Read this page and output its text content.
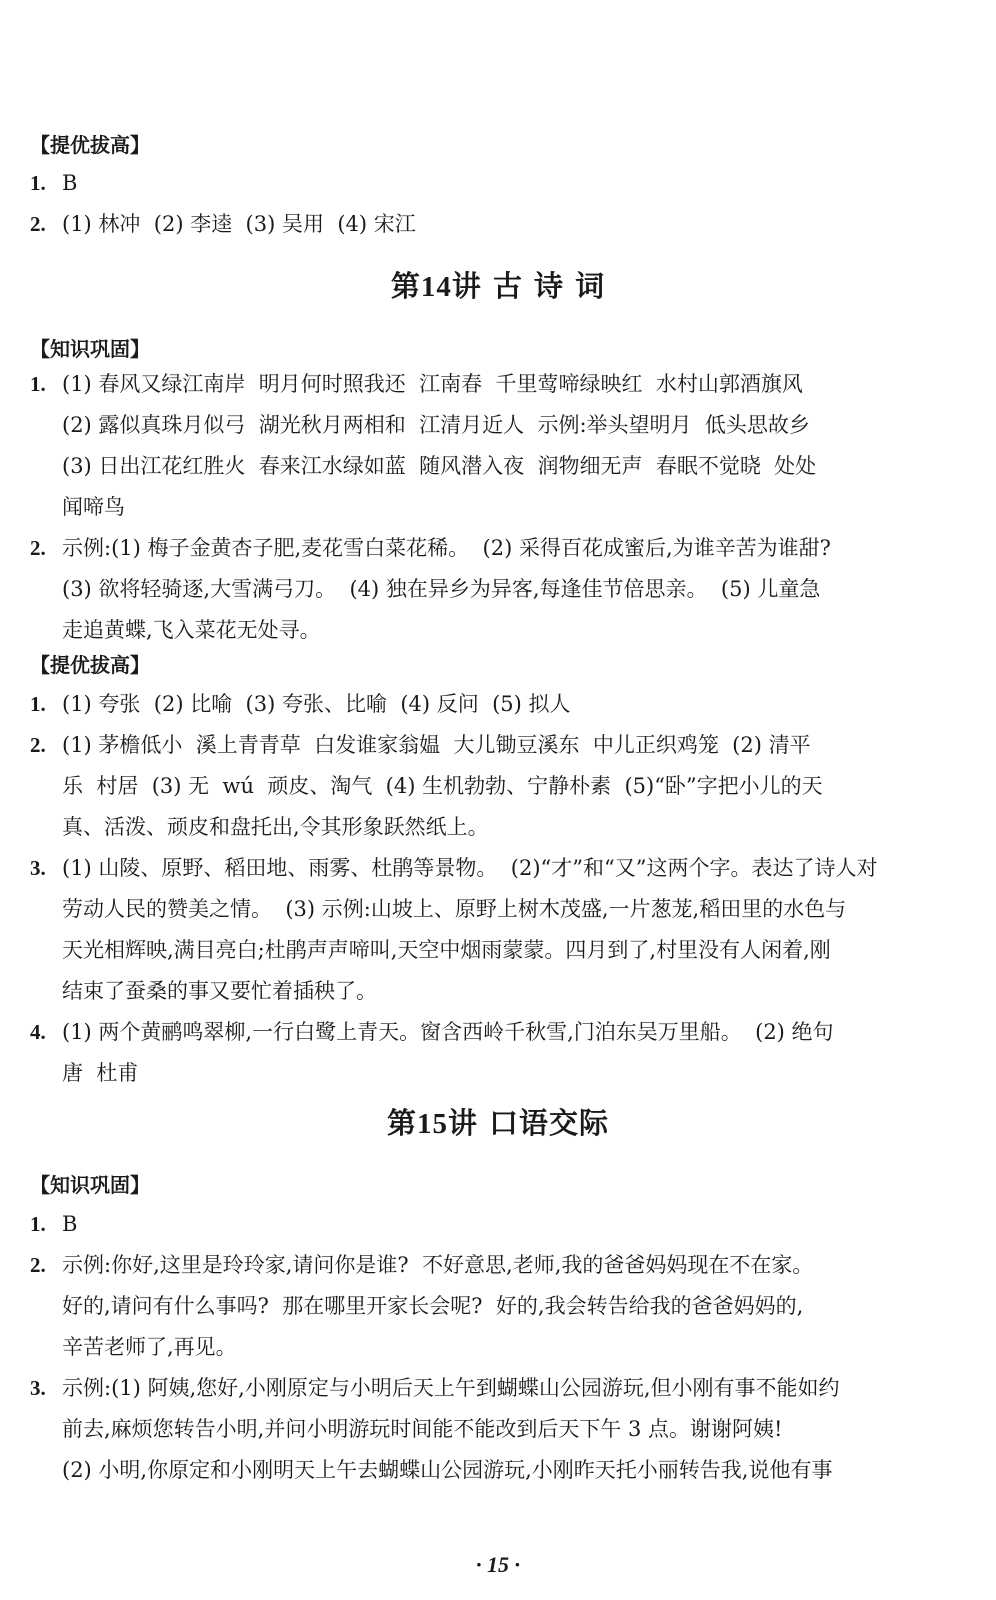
【提优拔高】
1. B
2. (1) 林冲  (2) 李逵  (3) 吴用  (4) 宋江
第14讲 古 诗 词
【知识巩固】
1. (1) 春风又绿江南岸  明月何时照我还  江南春  千里莺啼绿映红  水村山郭酒旗风
(2) 露似真珠月似弓  湖光秋月两相和  江清月近人  示例:举头望明月  低头思故乡
(3) 日出江花红胜火  春来江水绿如蓝  随风潜入夜  润物细无声  春眠不觉晓  处处
闻啼鸟
2. 示例:(1) 梅子金黄杏子肥,麦花雪白菜花稀。  (2) 采得百花成蜜后,为谁辛苦为谁甜?
(3) 欲将轻骑逐,大雪满弓刀。  (4) 独在异乡为异客,每逢佳节倍思亲。  (5) 儿童急
走追黄蝶,飞入菜花无处寻。
【提优拔高】
1. (1) 夸张  (2) 比喻  (3) 夸张、比喻  (4) 反问  (5) 拟人
2. (1) 茅檐低小  溪上青青草  白发谁家翁媪  大儿锄豆溪东  中儿正织鸡笼  (2) 清平
乐  村居  (3) 无  wú  顽皮、淘气  (4) 生机勃勃、宁静朴素  (5)“卧”字把小儿的天
真、活泼、顽皮和盘托出,令其形象跃然纸上。
3. (1) 山陵、原野、稻田地、雨雾、杜鹃等景物。  (2)“才”和“又”这两个字。表达了诗人对
劳动人民的赞美之情。  (3) 示例:山坡上、原野上树木茂盛,一片葱茏,稻田里的水色与
天光相辉映,满目亮白;杜鹃声声啼叫,天空中烟雨蒙蒙。四月到了,村里没有人闲着,刚
结束了蚕桑的事又要忙着插秧了。
4. (1) 两个黄鹂鸣翠柳,一行白鹭上青天。窗含西岭千秋雪,门泊东吴万里船。  (2) 绝句
唐  杜甫
第15讲 口语交际
【知识巩固】
1. B
2. 示例:你好,这里是玲玲家,请问你是谁?  不好意思,老师,我的爸爸妈妈现在不在家。
好的,请问有什么事吗?  那在哪里开家长会呢?  好的,我会转告给我的爸爸妈妈的,
辛苦老师了,再见。
3. 示例:(1) 阿姨,您好,小刚原定与小明后天上午到蝴蝶山公园游玩,但小刚有事不能如约
前去,麻烦您转告小明,并问小明游玩时间能不能改到后天下午 3 点。谢谢阿姨!
(2) 小明,你原定和小刚明天上午去蝴蝶山公园游玩,小刚昨天托小丽转告我,说他有事
· 15 ·
